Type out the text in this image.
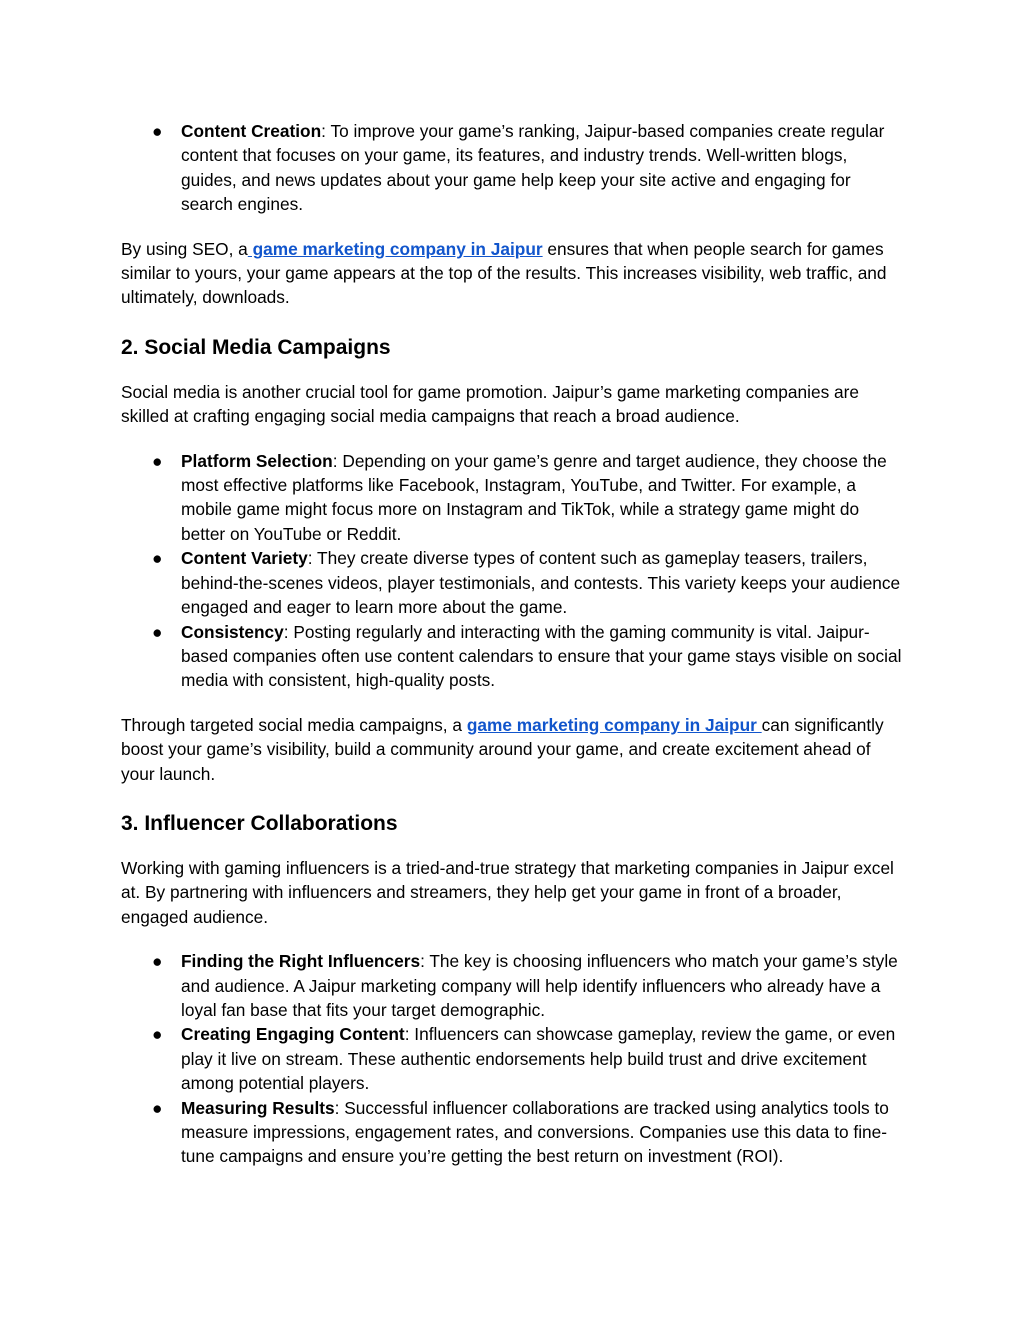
● Content Creation: To improve your game’s ranking, Jaipur-based companies create regular content that focuses on your game, its features, and industry trends. Well-written blogs, guides, and news updates about your game help keep your site active and engaging for search engines.

By using SEO, a game marketing company in Jaipur ensures that when people search for games similar to yours, your game appears at the top of the results. This increases visibility, web traffic, and ultimately, downloads.

2. Social Media Campaigns

Social media is another crucial tool for game promotion. Jaipur’s game marketing companies are skilled at crafting engaging social media campaigns that reach a broad audience.

● Platform Selection: Depending on your game’s genre and target audience, they choose the most effective platforms like Facebook, Instagram, YouTube, and Twitter. For example, a mobile game might focus more on Instagram and TikTok, while a strategy game might do better on YouTube or Reddit.
● Content Variety: They create diverse types of content such as gameplay teasers, trailers, behind-the-scenes videos, player testimonials, and contests. This variety keeps your audience engaged and eager to learn more about the game.
● Consistency: Posting regularly and interacting with the gaming community is vital. Jaipur-based companies often use content calendars to ensure that your game stays visible on social media with consistent, high-quality posts.

Through targeted social media campaigns, a game marketing company in Jaipur can significantly boost your game’s visibility, build a community around your game, and create excitement ahead of your launch.

3. Influencer Collaborations

Working with gaming influencers is a tried-and-true strategy that marketing companies in Jaipur excel at. By partnering with influencers and streamers, they help get your game in front of a broader, engaged audience.

● Finding the Right Influencers: The key is choosing influencers who match your game’s style and audience. A Jaipur marketing company will help identify influencers who already have a loyal fan base that fits your target demographic.
● Creating Engaging Content: Influencers can showcase gameplay, review the game, or even play it live on stream. These authentic endorsements help build trust and drive excitement among potential players.
● Measuring Results: Successful influencer collaborations are tracked using analytics tools to measure impressions, engagement rates, and conversions. Companies use this data to fine-tune campaigns and ensure you’re getting the best return on investment (ROI).
